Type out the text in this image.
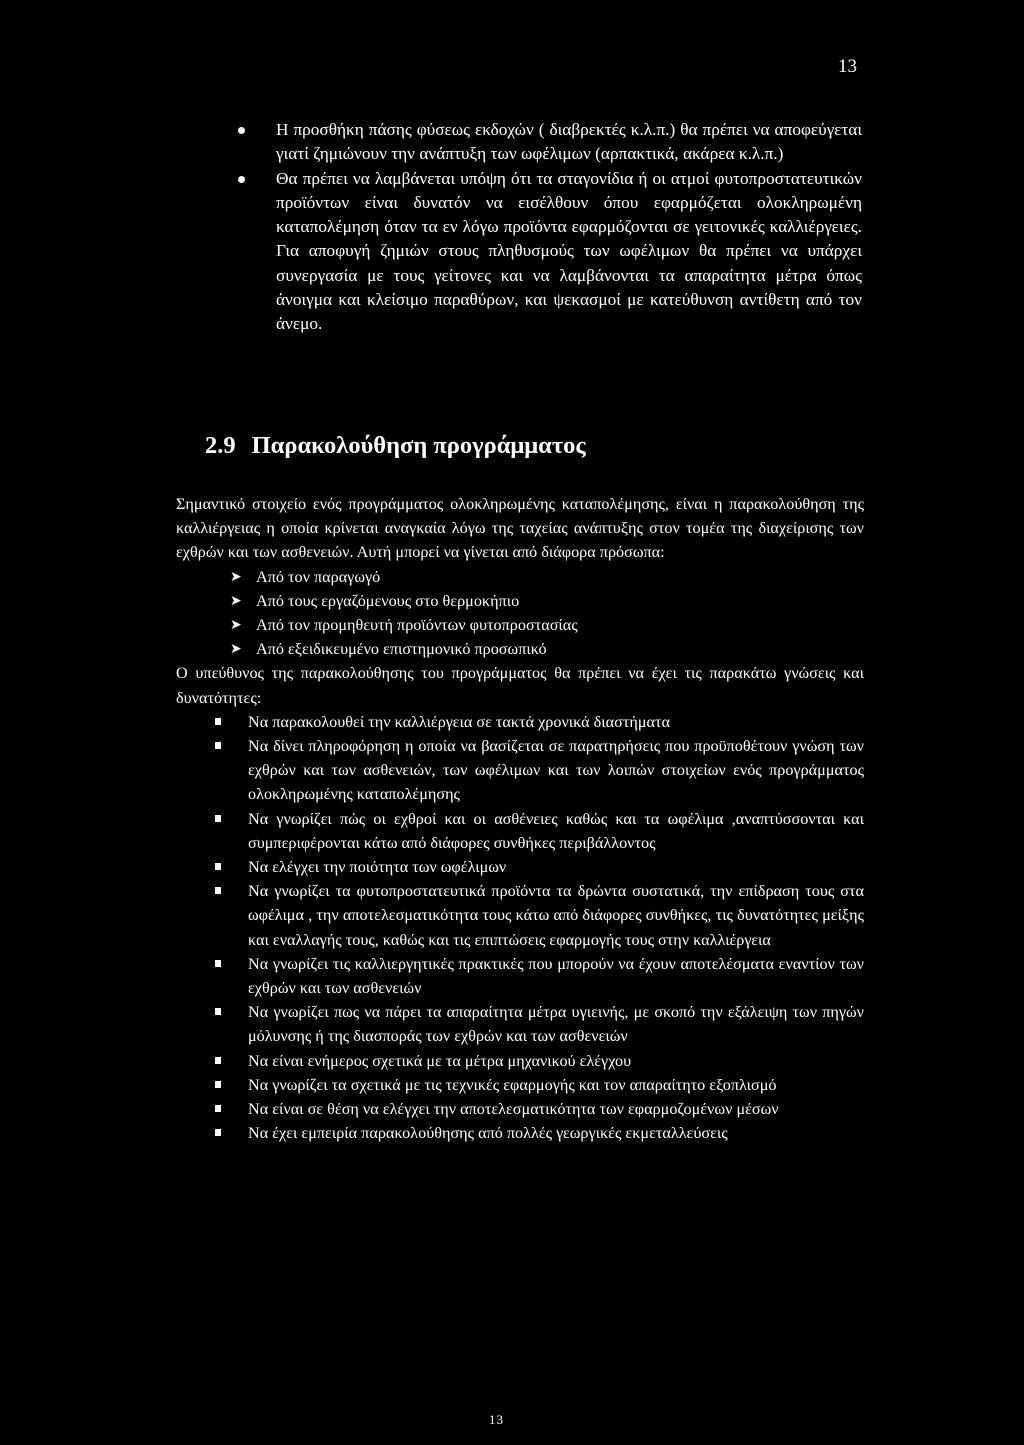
13
Η προσθήκη πάσης φύσεως εκδοχών ( διαβρεκτές κ.λ.π.) θα πρέπει να αποφεύγεται γιατί ζημιώνουν την ανάπτυξη των ωφέλιμων (αρπακτικά, ακάρεα κ.λ.π.)
Θα πρέπει να λαμβάνεται υπόψη ότι τα σταγονίδια ή οι ατμοί φυτοπροστατευτικών προϊόντων είναι δυνατόν να εισέλθουν όπου εφαρμόζεται ολοκληρωμένη καταπολέμηση όταν τα εν λόγω προϊόντα εφαρμόζονται σε γειτονικές καλλιέργειες. Για αποφυγή ζημιών στους πληθυσμούς των ωφέλιμων θα πρέπει να υπάρχει συνεργασία με τους γείτονες και να λαμβάνονται τα απαραίτητα μέτρα όπως άνοιγμα και κλείσιμο παραθύρων, και ψεκασμοί με κατεύθυνση αντίθετη από τον άνεμο.
2.9 Παρακολούθηση προγράμματος

Σημαντικό στοιχείο ενός προγράμματος ολοκληρωμένης καταπολέμησης, είναι η παρακολούθηση της καλλιέργειας η οποία κρίνεται αναγκαία λόγω της ταχείας ανάπτυξης στον τομέα της διαχείρισης των εχθρών και των ασθενειών. Αυτή μπορεί να γίνεται από διάφορα πρόσωπα:

➤ Από τον παραγωγό
➤ Από τους εργαζόμενους στο θερμοκήπιο
➤ Από τον προμηθευτή προϊόντων φυτοπροστασίας
➤ Από εξειδικευμένο επιστημονικό προσωπικό

Ο υπεύθυνος της παρακολούθησης του προγράμματος θα πρέπει να έχει τις παρακάτω γνώσεις και δυνατότητες:

Να παρακολουθεί την καλλιέργεια σε τακτά χρονικά διαστήματα
Να δίνει πληροφόρηση η οποία να βασίζεται σε παρατηρήσεις που προϋποθέτουν γνώση των εχθρών και των ασθενειών, των ωφέλιμων και των λοιπών στοιχείων ενός προγράμματος ολοκληρωμένης καταπολέμησης
Να γνωρίζει πώς οι εχθροί και οι ασθένειες καθώς και τα ωφέλιμα ,αναπτύσσονται και συμπεριφέρονται κάτω από διάφορες συνθήκες περιβάλλοντος
Να ελέγχει την ποιότητα των ωφέλιμων
Να γνωρίζει τα φυτοπροστατευτικά προϊόντα τα δρώντα συστατικά, την επίδραση τους στα ωφέλιμα , την αποτελεσματικότητα τους κάτω από διάφορες συνθήκες, τις δυνατότητες μείξης και εναλλαγής τους, καθώς και τις επιπτώσεις εφαρμογής τους στην καλλιέργεια
Να γνωρίζει τις καλλιεργητικές πρακτικές που μπορούν να έχουν αποτελέσματα εναντίον των εχθρών και των ασθενειών
Να γνωρίζει πως να πάρει τα απαραίτητα μέτρα υγιεινής, με σκοπό την εξάλειψη των πηγών μόλυνσης ή της διασποράς των εχθρών και των ασθενειών
Να είναι ενήμερος σχετικά με τα μέτρα μηχανικού ελέγχου
Να γνωρίζει τα σχετικά με τις τεχνικές εφαρμογής και τον απαραίτητο εξοπλισμό
Να είναι σε θέση να ελέγχει την αποτελεσματικότητα των εφαρμοζομένων μέσων
Να έχει εμπειρία παρακολούθησης από πολλές γεωργικές εκμεταλλεύσεις
13
